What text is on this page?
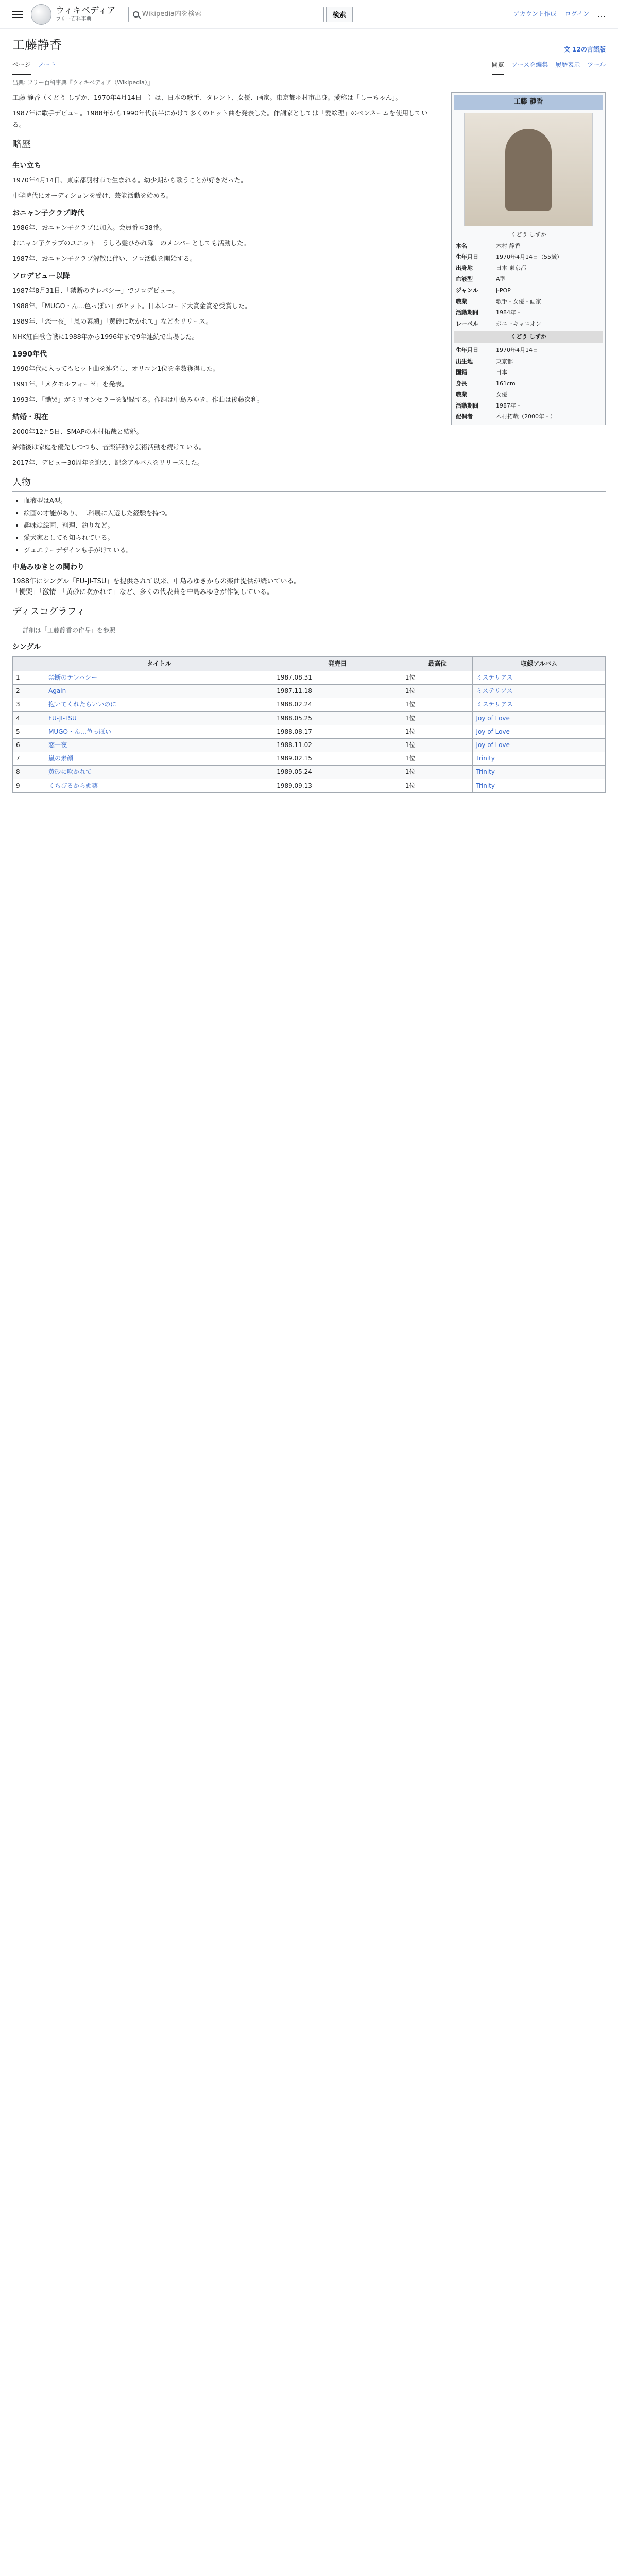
ウィキペディア
フリー百科事典
Wikipedia内を検索
検索	アカウント作成 ログイン …
工藤静香	文 12の言語版
ページ ノート	閲覧 ソースを編集 履歴表示 ツール
出典: フリー百科事典『ウィキペディア（Wikipedia）』
工藤 静香
くどう しずか
本名	木村 静香
生年月日	1970年4月14日（55歳）
出身地	日本 東京都
血液型	A型
ジャンル	J-POP
職業	歌手・女優・画家
活動期間	1984年 -
レーベル	ポニーキャニオン
くどう しずか
生年月日	1970年4月14日
出生地	東京都
国籍	日本
身長	161cm
職業	女優
活動期間	1987年 -
配偶者	木村拓哉（2000年 - ）

工藤 静香（くどう しずか、1970年4月14日 - ）は、日本の歌手、タレント、女優、画家。東京都羽村市出身。愛称は「しーちゃん」。

1987年に歌手デビュー。1988年から1990年代前半にかけて多くのヒット曲を発表した。作詞家としては「愛絵理」のペンネームを使用している。

略歴
生い立ち

1970年4月14日、東京都羽村市で生まれる。幼少期から歌うことが好きだった。

中学時代にオーディションを受け、芸能活動を始める。

おニャン子クラブ時代

1986年、おニャン子クラブに加入。会員番号38番。

おニャン子クラブのユニット「うしろ髪ひかれ隊」のメンバーとしても活動した。

1987年、おニャン子クラブ解散に伴い、ソロ活動を開始する。

ソロデビュー以降

1987年8月31日、「禁断のテレパシー」でソロデビュー。

1988年、「MUGO・ん…色っぽい」がヒット。日本レコード大賞金賞を受賞した。

1989年、「恋一夜」「嵐の素顔」「黄砂に吹かれて」などをリリース。

NHK紅白歌合戦に1988年から1996年まで9年連続で出場した。

1990年代

1990年代に入ってもヒット曲を連発し、オリコン1位を多数獲得した。

1991年、「メタモルフォーゼ」を発表。

1993年、「慟哭」がミリオンセラーを記録する。作詞は中島みゆき、作曲は後藤次利。

結婚・現在

2000年12月5日、SMAPの木村拓哉と結婚。

結婚後は家庭を優先しつつも、音楽活動や芸術活動を続けている。

2017年、デビュー30周年を迎え、記念アルバムをリリースした。

人物
• 血液型はA型。
• 絵画の才能があり、二科展に入選した経験を持つ。
• 趣味は絵画、料理、釣りなど。
• 愛犬家としても知られている。
• ジュエリーデザインも手がけている。
中島みゆきとの関わり

1988年にシングル「FU-JI-TSU」を提供されて以来、中島みゆきからの楽曲提供が続いている。

「慟哭」「激情」「黄砂に吹かれて」など、多くの代表曲を中島みゆきが作詞している。

ディスコグラフィ
詳細は「工藤静香の作品」を参照
シングル
	タイトル	発売日	最高位	収録アルバム
1	禁断のテレパシー	1987.08.31	1位	ミステリアス
2	Again	1987.11.18	1位	ミステリアス
3	抱いてくれたらいいのに	1988.02.24	1位	ミステリアス
4	FU-JI-TSU	1988.05.25	1位	Joy of Love
5	MUGO・ん…色っぽい	1988.08.17	1位	Joy of Love
6	恋一夜	1988.11.02	1位	Joy of Love
7	嵐の素顔	1989.02.15	1位	Trinity
8	黄砂に吹かれて	1989.05.24	1位	Trinity
9	くちびるから媚薬	1989.09.13	1位	Trinity
